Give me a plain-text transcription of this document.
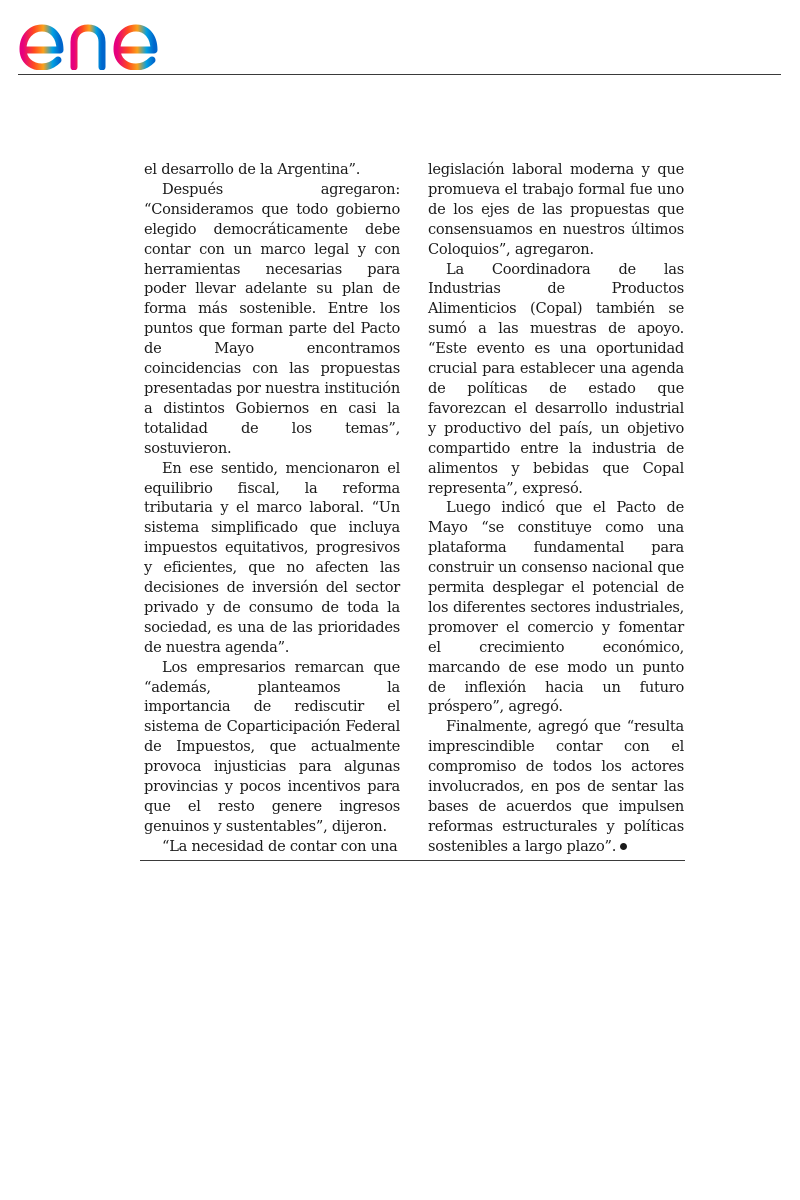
el desarrollo de la Argentina”.

Después agregaron: “Consideramos que todo gobierno elegido democráticamente debe contar con un marco legal y con herramientas necesarias para poder llevar adelante su plan de forma más sostenible. Entre los puntos que forman parte del Pacto de Mayo encontramos coincidencias con las propuestas presentadas por nuestra institución a distintos Gobiernos en casi la totalidad de los temas”, sostuvieron.

En ese sentido, mencionaron el equilibrio fiscal, la reforma tributaria y el marco laboral. “Un sistema simplificado que incluya impuestos equitativos, progresivos y eficientes, que no afecten las decisiones de inversión del sector privado y de consumo de toda la sociedad, es una de las prioridades de nuestra agenda”.

Los empresarios remarcan que “además, planteamos la importancia de rediscutir el sistema de Coparticipación Federal de Impuestos, que actualmente provoca injusticias para algunas provincias y pocos incentivos para que el resto genere ingresos genuinos y sustentables”, dijeron.

“La necesidad de contar con una

legislación laboral moderna y que promueva el trabajo formal fue uno de los ejes de las propuestas que consensuamos en nuestros últimos Coloquios”, agregaron.

La Coordinadora de las Industrias de Productos Alimenticios (Copal) también se sumó a las muestras de apoyo. “Este evento es una oportunidad crucial para establecer una agenda de políticas de estado que favorezcan el desarrollo industrial y productivo del país, un objetivo compartido entre la industria de alimentos y bebidas que Copal representa”, expresó.

Luego indicó que el Pacto de Mayo “se constituye como una plataforma fundamental para construir un consenso nacional que permita desplegar el potencial de los diferentes sectores industriales, promover el comercio y fomentar el crecimiento económico, marcando de ese modo un punto de inflexión hacia un futuro próspero”, agregó.

Finalmente, agregó que “resulta imprescindible contar con el compromiso de todos los actores involucrados, en pos de sentar las bases de acuerdos que impulsen reformas estructurales y políticas sostenibles a largo plazo”.
